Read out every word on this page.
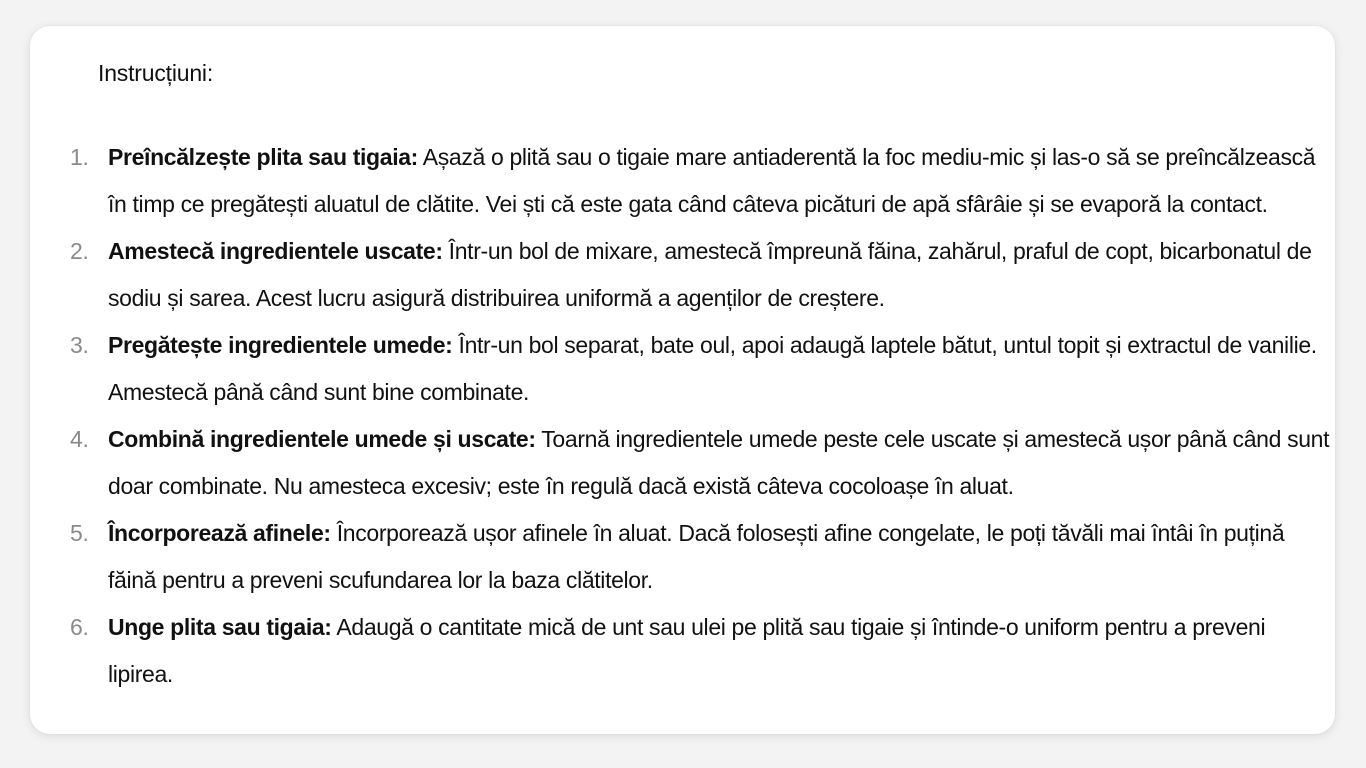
Instrucțiuni:
1. Preîncălzește plita sau tigaia: Așază o plită sau o tigaie mare antiaderentă la foc mediu-mic și las-o să se preîncălzească în timp ce pregătești aluatul de clătite. Vei ști că este gata când câteva picături de apă sfârâie și se evaporă la contact.
2. Amestecă ingredientele uscate: Într-un bol de mixare, amestecă împreună făina, zahărul, praful de copt, bicarbonatul de sodiu și sarea. Acest lucru asigură distribuirea uniformă a agenților de creștere.
3. Pregătește ingredientele umede: Într-un bol separat, bate oul, apoi adaugă laptele bătut, untul topit și extractul de vanilie. Amestecă până când sunt bine combinate.
4. Combină ingredientele umede și uscate: Toarnă ingredientele umede peste cele uscate și amestecă ușor până când sunt doar combinate. Nu amesteca excesiv; este în regulă dacă există câteva cocoloașe în aluat.
5. Încorporează afinele: Încorporează ușor afinele în aluat. Dacă folosești afine congelate, le poți tăvăli mai întâi în puțină făină pentru a preveni scufundarea lor la baza clătitelor.
6. Unge plita sau tigaia: Adaugă o cantitate mică de unt sau ulei pe plită sau tigaie și întinde-o uniform pentru a preveni lipirea.
